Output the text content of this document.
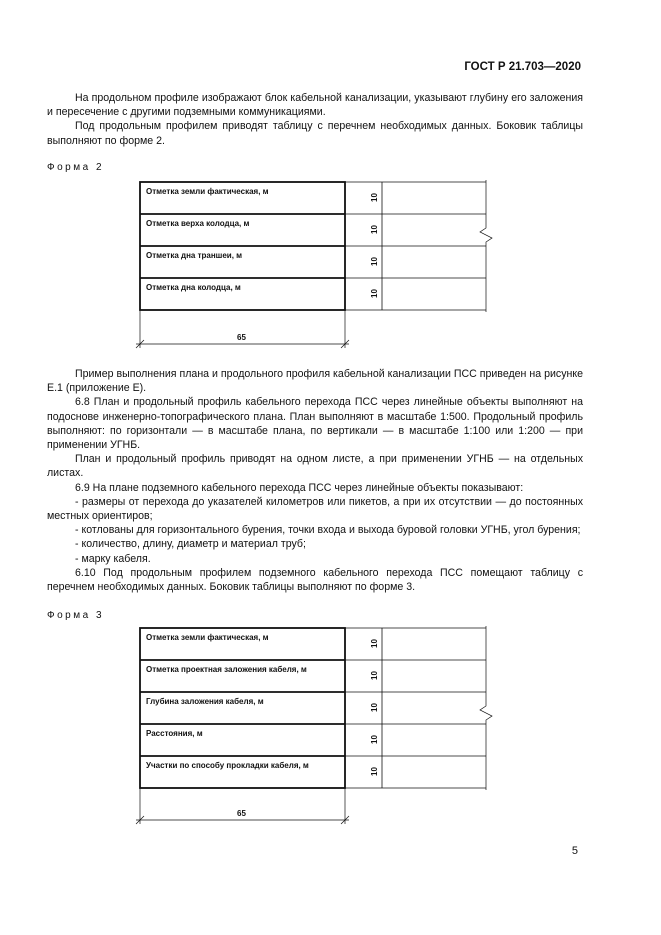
ГОСТ Р 21.703—2020

На продольном профиле изображают блок кабельной канализации, указывают глубину его заложения и пересечение с другими подземными коммуникациями.

Под продольным профилем приводят таблицу с перечнем необходимых данных. Боковик таблицы выполняют по форме 2.

Форма 2
Отметка земли фактическая, м
Отметка верха колодца, м
Отметка дна траншеи, м
Отметка дна колодца, м
10
10
10
10
65

Пример выполнения плана и продольного профиля кабельной канализации ПСС приведен на рисунке Е.1 (приложение Е).

6.8 План и продольный профиль кабельного перехода ПСС через линейные объекты выполняют на подоснове инженерно-топографического плана. План выполняют в масштабе 1:500. Продольный профиль выполняют: по горизонтали — в масштабе плана, по вертикали — в масштабе 1:100 или 1:200 — при применении УГНБ.

План и продольный профиль приводят на одном листе, а при применении УГНБ — на отдельных листах.

6.9 На плане подземного кабельного перехода ПСС через линейные объекты показывают:

- размеры от перехода до указателей километров или пикетов, а при их отсутствии — до постоянных местных ориентиров;

- котлованы для горизонтального бурения, точки входа и выхода буровой головки УГНБ, угол бурения;

- количество, длину, диаметр и материал труб;

- марку кабеля.

6.10 Под продольным профилем подземного кабельного перехода ПСС помещают таблицу с перечнем необходимых данных. Боковик таблицы выполняют по форме 3.

Форма 3
Отметка земли фактическая, м
Отметка проектная заложения кабеля, м
Глубина заложения кабеля, м
Расстояния, м
Участки по способу прокладки кабеля, м
10
10
10
10
10
65
5
